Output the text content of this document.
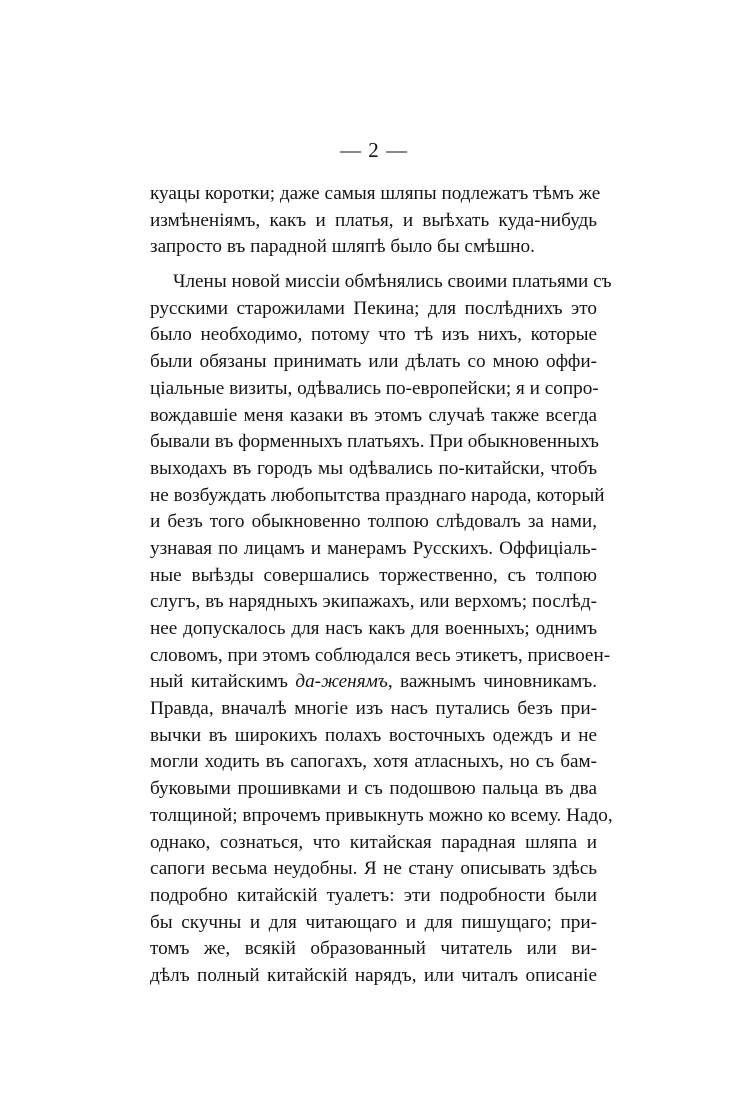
— 2 —
куацы коротки; даже самыя шляпы подлежатъ тѣмъ же
измѣненіямъ, какъ и платья, и выѣхать куда-нибудь
запросто въ парадной шляпѣ было бы смѣшно.
Члены новой миссіи обмѣнялись своими платьями съ
русскими старожилами Пекина; для послѣднихъ это
было необходимо, потому что тѣ изъ нихъ, которые
были обязаны принимать или дѣлать со мною оффи-
ціальные визиты, одѣвались по-европейски; я и сопро-
вождавшіе меня казаки въ этомъ случаѣ также всегда
бывали въ форменныхъ платьяхъ. При обыкновенныхъ
выходахъ въ городъ мы одѣвались по-китайски, чтобъ
не возбуждать любопытства празднаго народа, который
и безъ того обыкновенно толпою слѣдовалъ за нами,
узнавая по лицамъ и манерамъ Русскихъ. Оффиціаль-
ные выѣзды совершались торжественно, съ толпою
слугъ, въ нарядныхъ экипажахъ, или верхомъ; послѣд-
нее допускалось для насъ какъ для военныхъ; однимъ
словомъ, при этомъ соблюдался весь этикетъ, присвоен-
ный китайскимъ да-женямъ, важнымъ чиновникамъ.
Правда, вначалѣ многіе изъ насъ путались безъ при-
вычки въ широкихъ полахъ восточныхъ одеждъ и не
могли ходить въ сапогахъ, хотя атласныхъ, но съ бам-
буковыми прошивками и съ подошвою пальца въ два
толщиной; впрочемъ привыкнуть можно ко всему. Надо,
однако, сознаться, что китайская парадная шляпа и
сапоги весьма неудобны. Я не стану описывать здѣсь
подробно китайскій туалетъ: эти подробности были
бы скучны и для читающаго и для пишущаго; при-
томъ же, всякій образованный читатель или ви-
дѣлъ полный китайскій нарядъ, или читалъ описаніе
